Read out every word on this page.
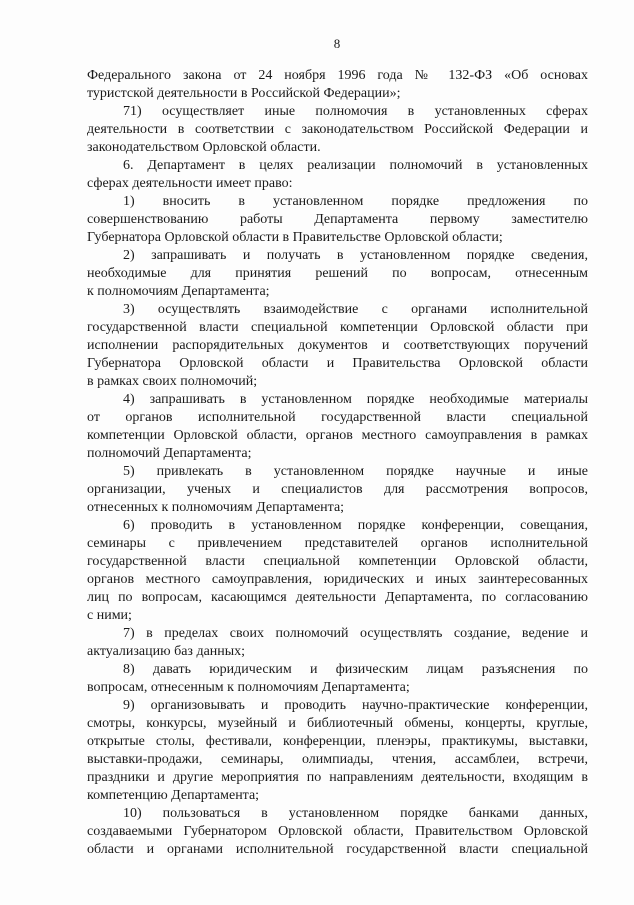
8
Федерального закона от 24 ноября 1996 года № 132-ФЗ «Об основах
туристской деятельности в Российской Федерации»;
71) осуществляет иные полномочия в установленных сферах
деятельности в соответствии с законодательством Российской Федерации и
законодательством Орловской области.
6. Департамент в целях реализации полномочий в установленных
сферах деятельности имеет право:
1) вносить в установленном порядке предложения по
совершенствованию работы Департамента первому заместителю
Губернатора Орловской области в Правительстве Орловской области;
2) запрашивать и получать в установленном порядке сведения,
необходимые для принятия решений по вопросам, отнесенным
к полномочиям Департамента;
3) осуществлять взаимодействие с органами исполнительной
государственной власти специальной компетенции Орловской области при
исполнении распорядительных документов и соответствующих поручений
Губернатора Орловской области и Правительства Орловской области
в рамках своих полномочий;
4) запрашивать в установленном порядке необходимые материалы
от органов исполнительной государственной власти специальной
компетенции Орловской области, органов местного самоуправления в рамках
полномочий Департамента;
5) привлекать в установленном порядке научные и иные
организации, ученых и специалистов для рассмотрения вопросов,
отнесенных к полномочиям Департамента;
6) проводить в установленном порядке конференции, совещания,
семинары с привлечением представителей органов исполнительной
государственной власти специальной компетенции Орловской области,
органов местного самоуправления, юридических и иных заинтересованных
лиц по вопросам, касающимся деятельности Департамента, по согласованию
с ними;
7) в пределах своих полномочий осуществлять создание, ведение и
актуализацию баз данных;
8) давать юридическим и физическим лицам разъяснения по
вопросам, отнесенным к полномочиям Департамента;
9) организовывать и проводить научно-практические конференции,
смотры, конкурсы, музейный и библиотечный обмены, концерты, круглые,
открытые столы, фестивали, конференции, пленэры, практикумы, выставки,
выставки-продажи, семинары, олимпиады, чтения, ассамблеи, встречи,
праздники и другие мероприятия по направлениям деятельности, входящим в
компетенцию Департамента;
10) пользоваться в установленном порядке банками данных,
создаваемыми Губернатором Орловской области, Правительством Орловской
области и органами исполнительной государственной власти специальной
